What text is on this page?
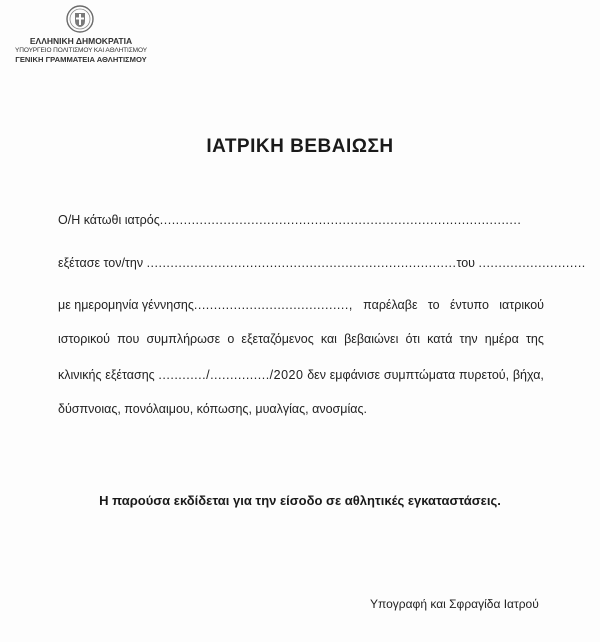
ΕΛΛΗΝΙΚΗ ΔΗΜΟΚΡΑΤΙΑ
ΥΠΟΥΡΓΕΙΟ ΠΟΛΙΤΙΣΜΟΥ ΚΑΙ ΑΘΛΗΤΙΣΜΟΥ
ΓΕΝΙΚΗ ΓΡΑΜΜΑΤΕΙΑ ΑΘΛΗΤΙΣΜΟΥ
ΙΑΤΡΙΚΗ ΒΕΒΑΙΩΣΗ
Ο/Η κάτωθι ιατρός...........................................................................................
εξέτασε τον/την ..............................................................................του ...........................
με ημερομηνία γέννησης......................................., παρέλαβε το έντυπο ιατρικού
ιστορικού που συμπλήρωσε ο εξεταζόμενος και βεβαιώνει ότι κατά την ημέρα της
κλινικής εξέτασης ............/.............../2020 δεν εμφάνισε συμπτώματα πυρετού, βήχα,
δύσπνοιας, πονόλαιμου, κόπωσης, μυαλγίας, ανοσμίας.
Η παρούσα εκδίδεται για την είσοδο σε αθλητικές εγκαταστάσεις.
Υπογραφή και Σφραγίδα Ιατρού
